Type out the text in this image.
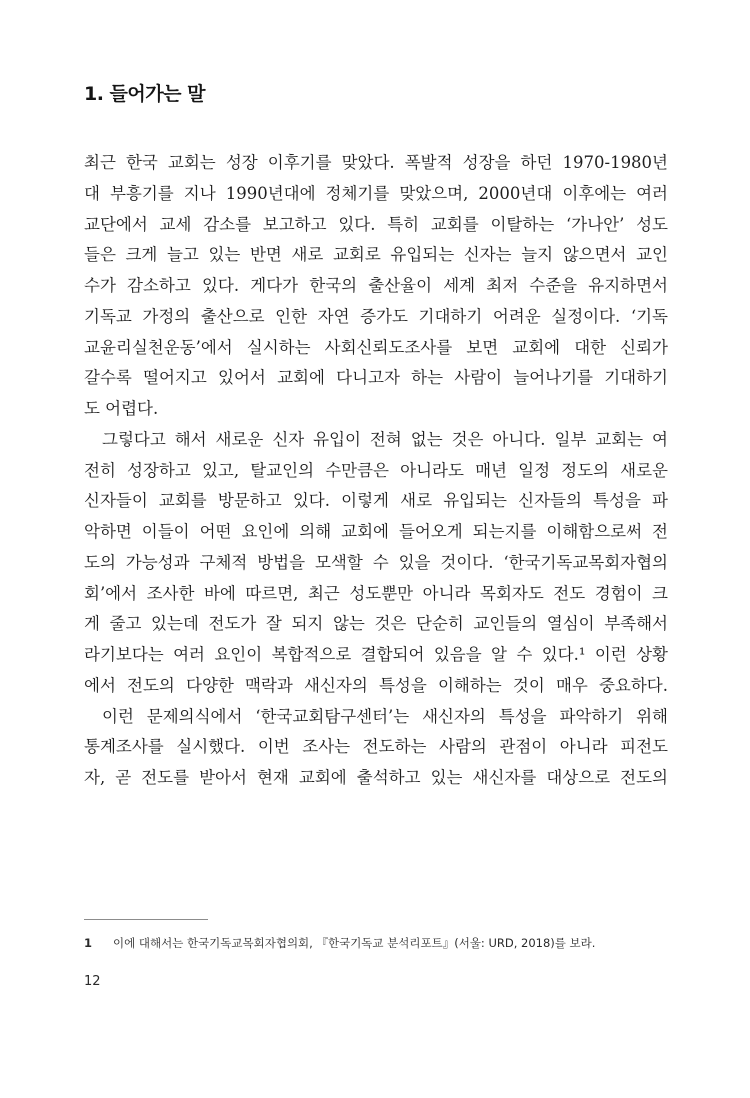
1. 들어가는 말
최근 한국 교회는 성장 이후기를 맞았다. 폭발적 성장을 하던 1970-1980년
대 부흥기를 지나 1990년대에 정체기를 맞았으며, 2000년대 이후에는 여러
교단에서 교세 감소를 보고하고 있다. 특히 교회를 이탈하는 ‘가나안’ 성도
들은 크게 늘고 있는 반면 새로 교회로 유입되는 신자는 늘지 않으면서 교인
수가 감소하고 있다. 게다가 한국의 출산율이 세계 최저 수준을 유지하면서
기독교 가정의 출산으로 인한 자연 증가도 기대하기 어려운 실정이다. ‘기독
교윤리실천운동’에서 실시하는 사회신뢰도조사를 보면 교회에 대한 신뢰가
갈수록 떨어지고 있어서 교회에 다니고자 하는 사람이 늘어나기를 기대하기
도 어렵다.
그렇다고 해서 새로운 신자 유입이 전혀 없는 것은 아니다. 일부 교회는 여
전히 성장하고 있고, 탈교인의 수만큼은 아니라도 매년 일정 정도의 새로운
신자들이 교회를 방문하고 있다. 이렇게 새로 유입되는 신자들의 특성을 파
악하면 이들이 어떤 요인에 의해 교회에 들어오게 되는지를 이해함으로써 전
도의 가능성과 구체적 방법을 모색할 수 있을 것이다. ‘한국기독교목회자협의
회’에서 조사한 바에 따르면, 최근 성도뿐만 아니라 목회자도 전도 경험이 크
게 줄고 있는데 전도가 잘 되지 않는 것은 단순히 교인들의 열심이 부족해서
라기보다는 여러 요인이 복합적으로 결합되어 있음을 알 수 있다.¹ 이런 상황
에서 전도의 다양한 맥락과 새신자의 특성을 이해하는 것이 매우 중요하다.
이런 문제의식에서 ‘한국교회탐구센터’는 새신자의 특성을 파악하기 위해
통계조사를 실시했다. 이번 조사는 전도하는 사람의 관점이 아니라 피전도
자, 곧 전도를 받아서 현재 교회에 출석하고 있는 새신자를 대상으로 전도의
1 이에 대해서는 한국기독교목회자협의회, 『한국기독교 분석리포트』(서울: URD, 2018)를 보라.
12
